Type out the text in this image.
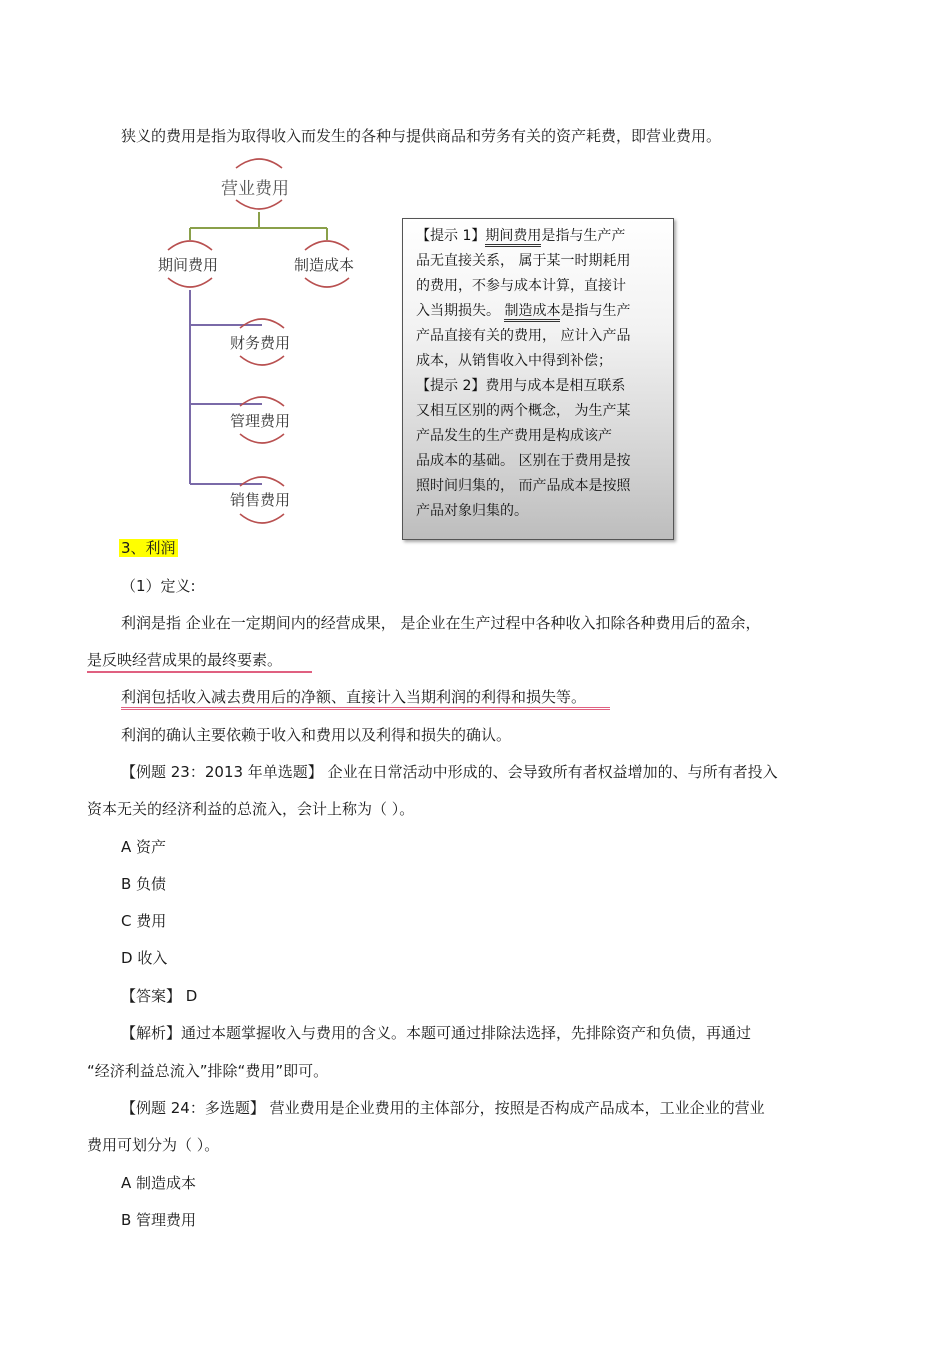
狭义的费用是指为取得收入而发生的各种与提供商品和劳务有关的资产耗费，即营业费用。
营业费用
期间费用	制造成本
财务费用
管理费用
销售费用
【提示 1】期间费用是指与生产产
品无直接关系， 属于某一时期耗用
的费用，不参与成本计算，直接计
入当期损失。 制造成本是指与生产
产品直接有关的费用， 应计入产品
成本，从销售收入中得到补偿；
【提示 2】费用与成本是相互联系
又相互区别的两个概念， 为生产某
产品发生的生产费用是构成该产
品成本的基础。 区别在于费用是按
照时间归集的， 而产品成本是按照
产品对象归集的。
3、利润
（1）定义:
利润是指 企业在一定期间内的经营成果， 是企业在生产过程中各种收入扣除各种费用后的盈余，
是反映经营成果的最终要素。
利润包括收入减去费用后的净额、直接计入当期利润的利得和损失等。
利润的确认主要依赖于收入和费用以及利得和损失的确认。
【例题 23：2013 年单选题】 企业在日常活动中形成的、会导致所有者权益增加的、与所有者投入
资本无关的经济利益的总流入，会计上称为（ ）。
A 资产
B 负债
C 费用
D 收入
【答案】 D
【解析】通过本题掌握收入与费用的含义。本题可通过排除法选择，先排除资产和负债，再通过
“经济利益总流入”排除“费用”即可。
【例题 24：多选题】 营业费用是企业费用的主体部分，按照是否构成产品成本，工业企业的营业
费用可划分为（ ）。
A 制造成本
B 管理费用
